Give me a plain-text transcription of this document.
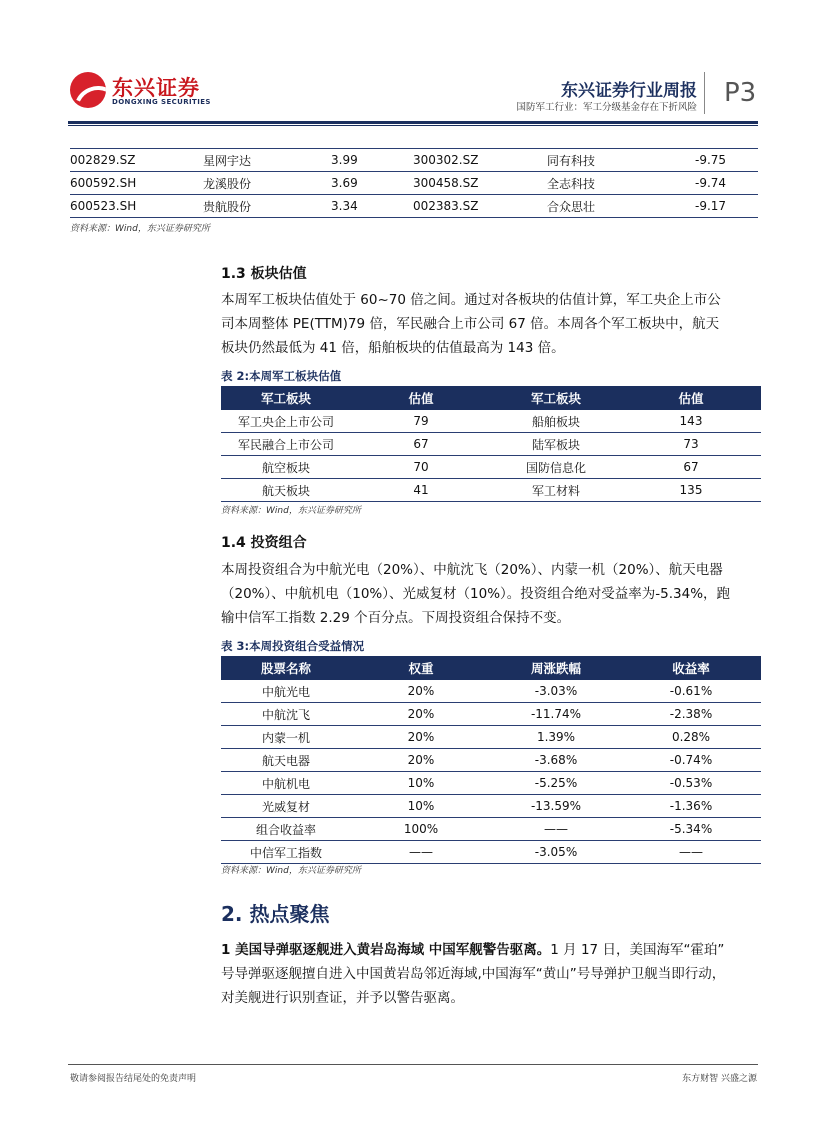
东兴证券
DONGXING SECURITIES
东兴证券行业周报
国防军工行业：军工分级基金存在下折风险 P3
002829.SZ	星网宇达	3.99	300302.SZ	同有科技	-9.75
600592.SH	龙溪股份	3.69	300458.SZ	全志科技	-9.74
600523.SH	贵航股份	3.34	002383.SZ	合众思壮	-9.17
资料来源：Wind，东兴证券研究所
1.3 板块估值
本周军工板块估值处于 60~70 倍之间。通过对各板块的估值计算，军工央企上市公
司本周整体 PE(TTM)79 倍，军民融合上市公司 67 倍。本周各个军工板块中，航天
板块仍然最低为 41 倍，船舶板块的估值最高为 143 倍。
表 2:本周军工板块估值
军工板块	估值	军工板块	估值
军工央企上市公司	79	船舶板块	143
军民融合上市公司	67	陆军板块	73
航空板块	70	国防信息化	67
航天板块	41	军工材料	135
资料来源：Wind，东兴证券研究所
1.4 投资组合
本周投资组合为中航光电（20%）、中航沈飞（20%）、内蒙一机（20%）、航天电器
（20%）、中航机电（10%）、光威复材（10%）。投资组合绝对受益率为-5.34%，跑
输中信军工指数 2.29 个百分点。下周投资组合保持不变。
表 3:本周投资组合受益情况
股票名称	权重	周涨跌幅	收益率
中航光电	20%	-3.03%	-0.61%
中航沈飞	20%	-11.74%	-2.38%
内蒙一机	20%	1.39%	0.28%
航天电器	20%	-3.68%	-0.74%
中航机电	10%	-5.25%	-0.53%
光威复材	10%	-13.59%	-1.36%
组合收益率	100%	——	-5.34%
中信军工指数	——	-3.05%	——
资料来源：Wind，东兴证券研究所
2. 热点聚焦
1 美国导弹驱逐舰进入黄岩岛海域 中国军舰警告驱离。1 月 17 日，美国海军“霍珀”
号导弹驱逐舰擅自进入中国黄岩岛邻近海域,中国海军“黄山”号导弹护卫舰当即行动，
对美舰进行识别查证，并予以警告驱离。
敬请参阅报告结尾处的免责声明	东方财智 兴盛之源
